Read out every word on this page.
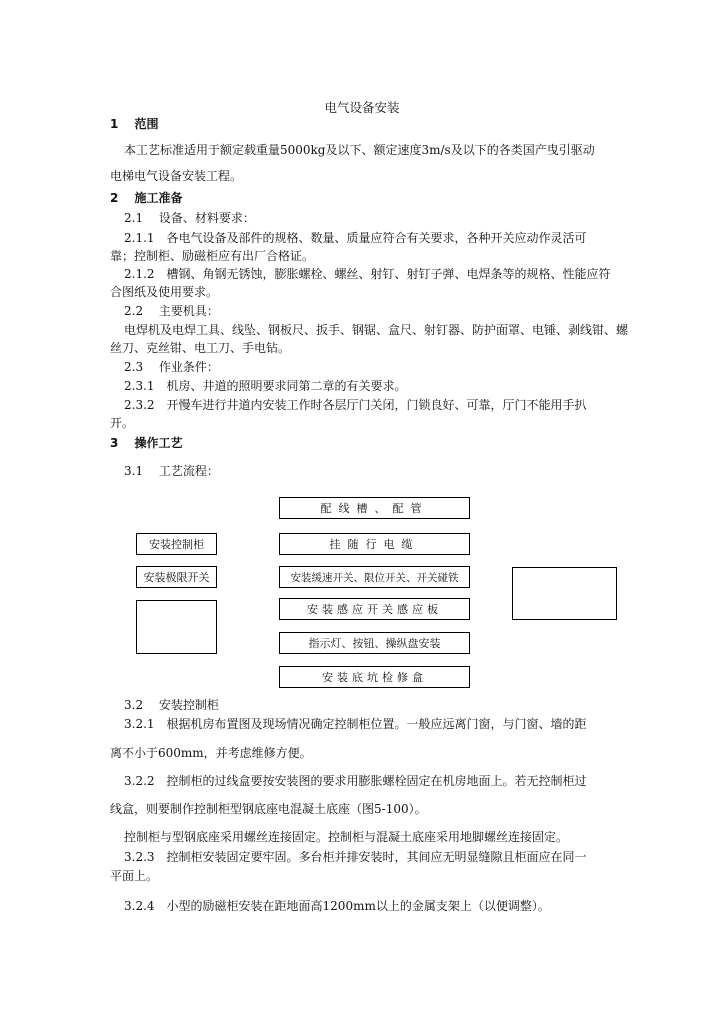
电气设备安装
1　 范围
本工艺标准适用于额定载重量5000kg及以下、额定速度3m/s及以下的各类国产曳引驱动
电梯电气设备安装工程。
2　 施工准备
2.1　 设备、材料要求：
2.1.1　各电气设备及部件的规格、数量、质量应符合有关要求，各种开关应动作灵活可
靠；控制柜、励磁柜应有出厂合格证。
2.1.2　槽钢、角钢无锈蚀，膨胀螺栓、螺丝、射钉、射钉子弹、电焊条等的规格、性能应符
合图纸及使用要求。
2.2　 主要机具：
电焊机及电焊工具、线坠、钢板尺、扳手、钢锯、盒尺、射钉器、防护面罩、电锤、剥线钳、螺
丝刀、克丝钳、电工刀、手电钻。
2.3　 作业条件：
2.3.1　机房、井道的照明要求同第二章的有关要求。
2.3.2　开慢车进行井道内安装工作时各层厅门关闭，门锁良好、可靠，厅门不能用手扒
开。
3　 操作工艺
3.1　 工艺流程：
配线槽、配管
挂随行电缆
安装缓速开关、限位开关、开关碰铁
安装感应开关感应板
指示灯、按钮、操纵盘安装
安装底坑检修盒
安装控制柜
安装极限开关
3.2　 安装控制柜
3.2.1　根据机房布置图及现场情况确定控制柜位置。一般应远离门窗，与门窗、墙的距
离不小于600mm，并考虑维修方便。
3.2.2　控制柜的过线盒要按安装图的要求用膨胀螺栓固定在机房地面上。若无控制柜过
线盒，则要制作控制柜型钢底座电混凝土底座（图5-100）。
控制柜与型钢底座采用螺丝连接固定。控制柜与混凝土底座采用地脚螺丝连接固定。
3.2.3　控制柜安装固定要牢固。多台柜并排安装时，其间应无明显缝隙且柜面应在同一
平面上。
3.2.4　小型的励磁柜安装在距地面高1200mm以上的金属支架上（以便调整）。
